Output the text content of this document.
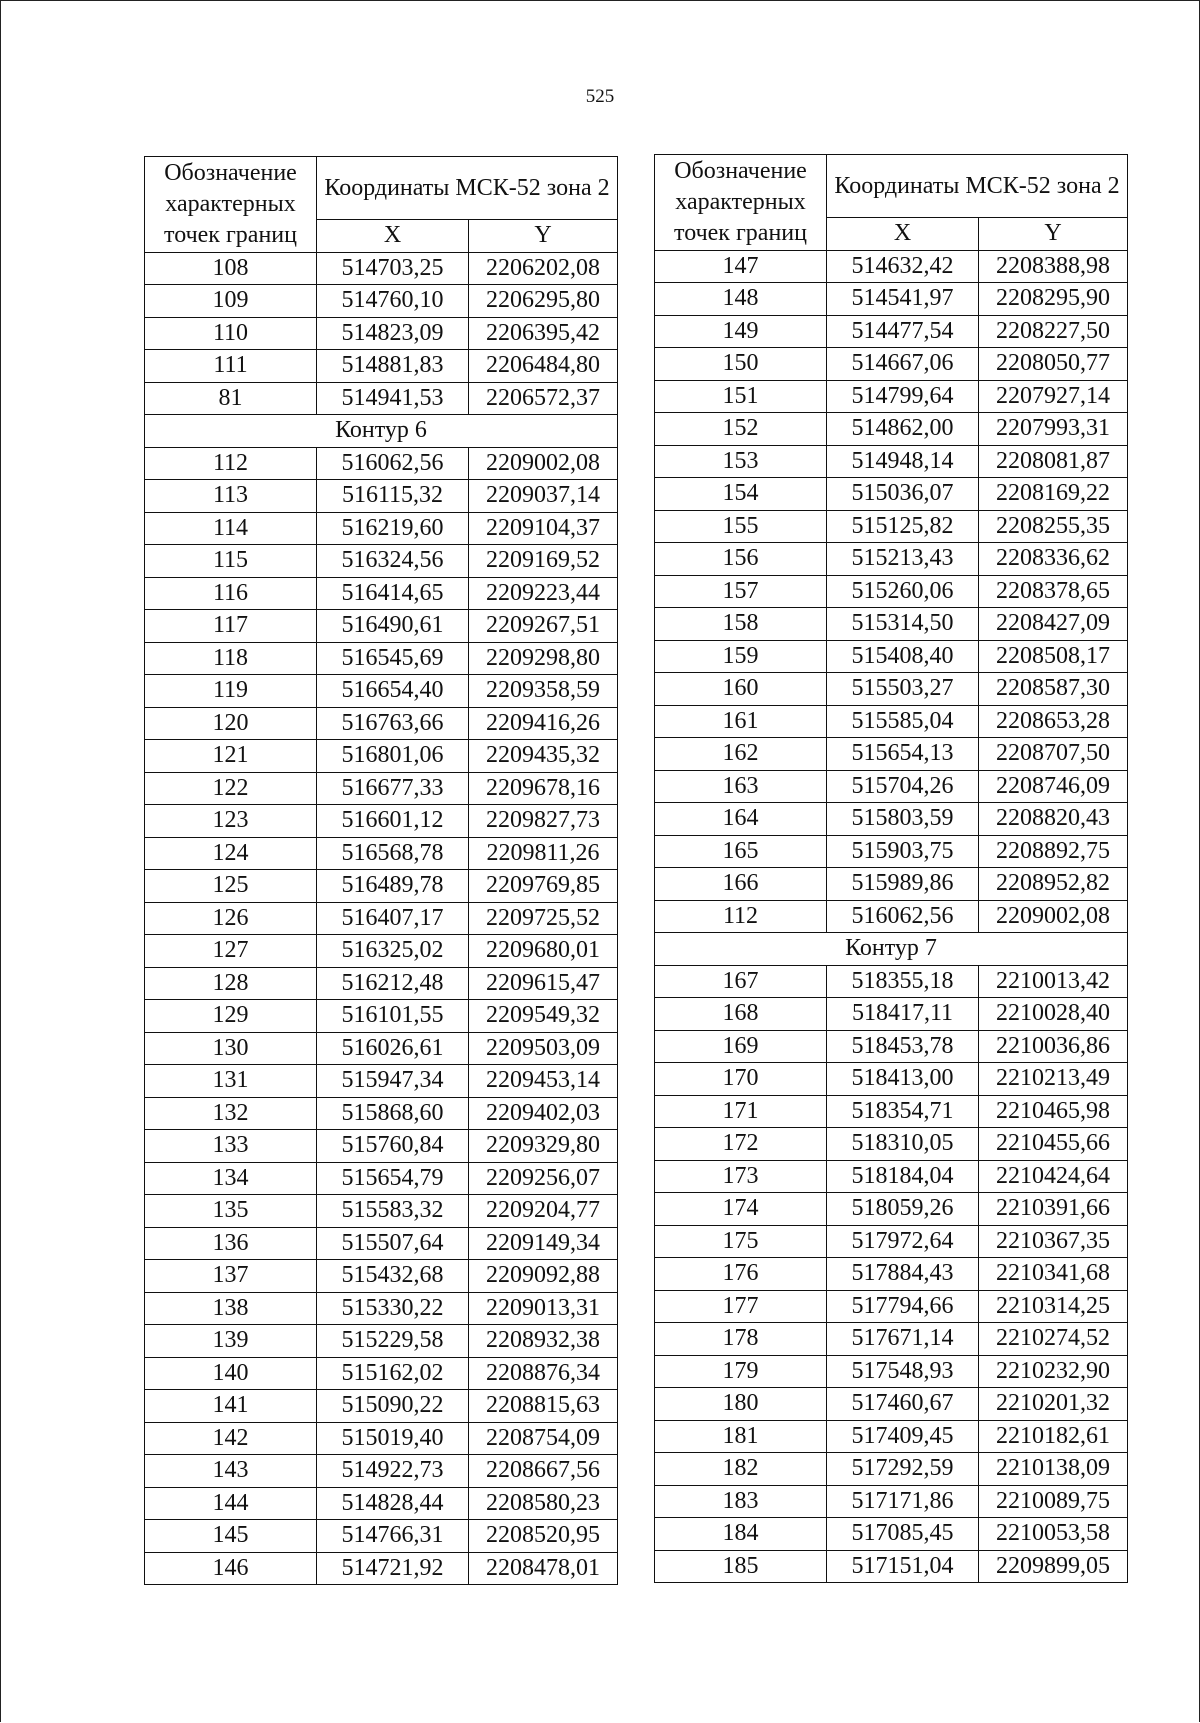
525
Обозначение характерных точек границ	Координаты МСК-52 зона 2	
	X	Y
108	514703,25	2206202,08
109	514760,10	2206295,80
110	514823,09	2206395,42
111	514881,83	2206484,80
81	514941,53	2206572,37
Контур 6		
112	516062,56	2209002,08
113	516115,32	2209037,14
114	516219,60	2209104,37
115	516324,56	2209169,52
116	516414,65	2209223,44
117	516490,61	2209267,51
118	516545,69	2209298,80
119	516654,40	2209358,59
120	516763,66	2209416,26
121	516801,06	2209435,32
122	516677,33	2209678,16
123	516601,12	2209827,73
124	516568,78	2209811,26
125	516489,78	2209769,85
126	516407,17	2209725,52
127	516325,02	2209680,01
128	516212,48	2209615,47
129	516101,55	2209549,32
130	516026,61	2209503,09
131	515947,34	2209453,14
132	515868,60	2209402,03
133	515760,84	2209329,80
134	515654,79	2209256,07
135	515583,32	2209204,77
136	515507,64	2209149,34
137	515432,68	2209092,88
138	515330,22	2209013,31
139	515229,58	2208932,38
140	515162,02	2208876,34
141	515090,22	2208815,63
142	515019,40	2208754,09
143	514922,73	2208667,56
144	514828,44	2208580,23
145	514766,31	2208520,95
146	514721,92	2208478,01
Обозначение характерных точек границ	Координаты МСК-52 зона 2	
	X	Y
147	514632,42	2208388,98
148	514541,97	2208295,90
149	514477,54	2208227,50
150	514667,06	2208050,77
151	514799,64	2207927,14
152	514862,00	2207993,31
153	514948,14	2208081,87
154	515036,07	2208169,22
155	515125,82	2208255,35
156	515213,43	2208336,62
157	515260,06	2208378,65
158	515314,50	2208427,09
159	515408,40	2208508,17
160	515503,27	2208587,30
161	515585,04	2208653,28
162	515654,13	2208707,50
163	515704,26	2208746,09
164	515803,59	2208820,43
165	515903,75	2208892,75
166	515989,86	2208952,82
112	516062,56	2209002,08
Контур 7		
167	518355,18	2210013,42
168	518417,11	2210028,40
169	518453,78	2210036,86
170	518413,00	2210213,49
171	518354,71	2210465,98
172	518310,05	2210455,66
173	518184,04	2210424,64
174	518059,26	2210391,66
175	517972,64	2210367,35
176	517884,43	2210341,68
177	517794,66	2210314,25
178	517671,14	2210274,52
179	517548,93	2210232,90
180	517460,67	2210201,32
181	517409,45	2210182,61
182	517292,59	2210138,09
183	517171,86	2210089,75
184	517085,45	2210053,58
185	517151,04	2209899,05
